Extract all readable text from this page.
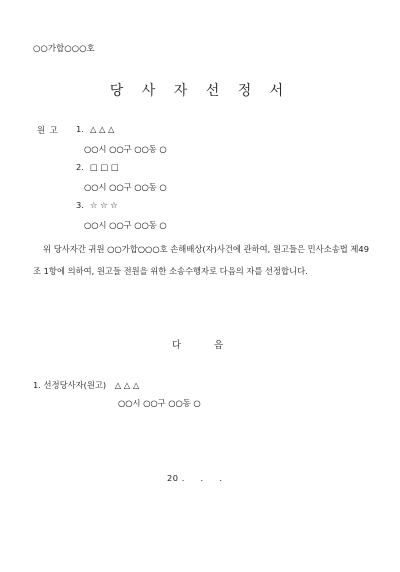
○○가합○○○호
당 사 자 선 정 서
원 고 1. △ △ △
○○시 ○○구 ○○동 ○
2. □ □ □
○○시 ○○구 ○○동 ○
3. ☆ ☆ ☆
○○시 ○○구 ○○동 ○
위 당사자간 귀원 ○○가합○○○호 손해배상(자)사건에 관하여, 원고들은 민사소송법 제49조 1항에 의하여, 원고들 전원을 위한 소송수행자로 다음의 자를 선정합니다.
다 음
1. 선정당사자(원고) △ △ △
○○시 ○○구 ○○동 ○
20 .     .     .
